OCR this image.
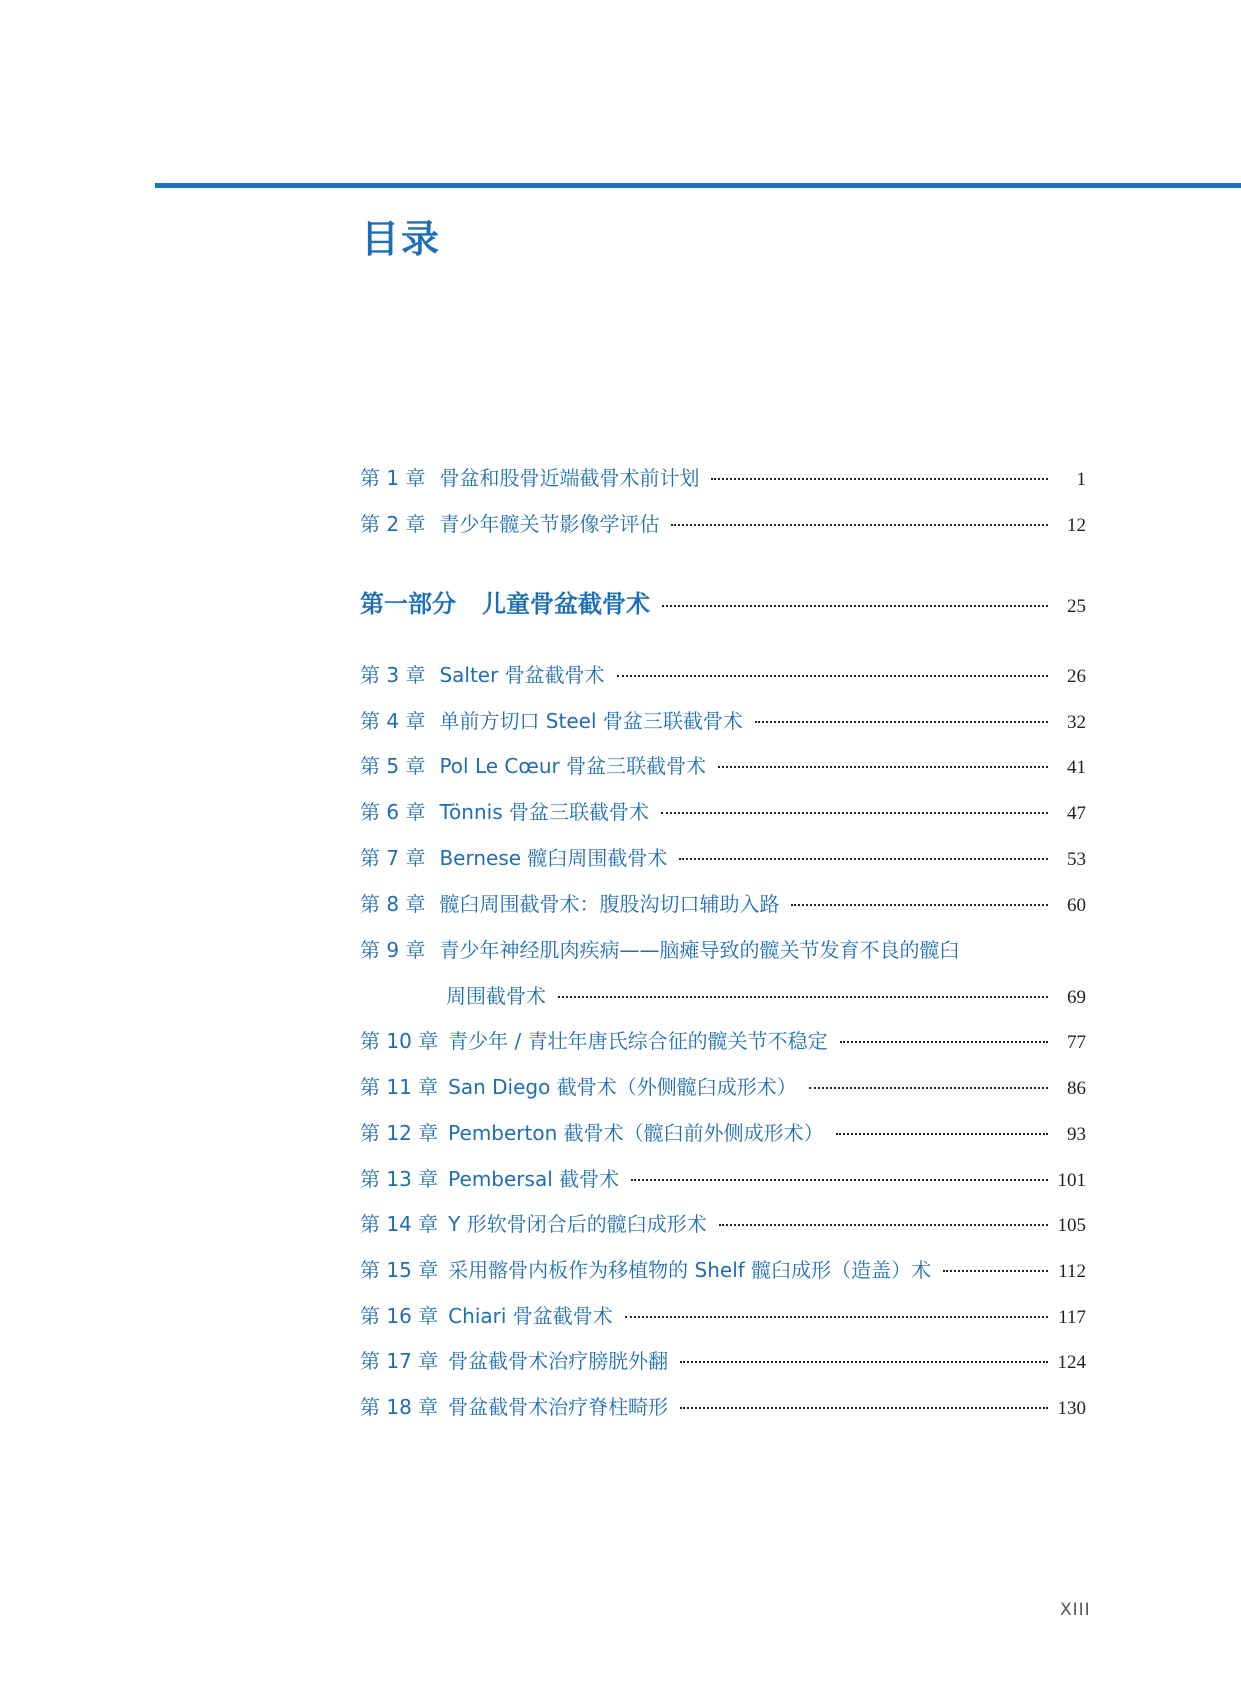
目录
第 1 章 骨盆和股骨近端截骨术前计划	1
第 2 章 青少年髋关节影像学评估	12
第一部分 儿童骨盆截骨术	25
第 3 章 Salter 骨盆截骨术	26
第 4 章 单前方切口 Steel 骨盆三联截骨术	32
第 5 章 Pol Le Cœur 骨盆三联截骨术	41
第 6 章 Tönnis 骨盆三联截骨术	47
第 7 章 Bernese 髋臼周围截骨术	53
第 8 章 髋臼周围截骨术：腹股沟切口辅助入路	60
第 9 章 青少年神经肌肉疾病——脑瘫导致的髋关节发育不良的髋臼
周围截骨术	69
第 10 章 青少年 / 青壮年唐氏综合征的髋关节不稳定	77
第 11 章 San Diego 截骨术（外侧髋臼成形术）	86
第 12 章 Pemberton 截骨术（髋臼前外侧成形术）	93
第 13 章 Pembersal 截骨术	101
第 14 章 Y 形软骨闭合后的髋臼成形术	105
第 15 章 采用髂骨内板作为移植物的 Shelf 髋臼成形（造盖）术	112
第 16 章 Chiari 骨盆截骨术	117
第 17 章 骨盆截骨术治疗膀胱外翻	124
第 18 章 骨盆截骨术治疗脊柱畸形	130
XIII
